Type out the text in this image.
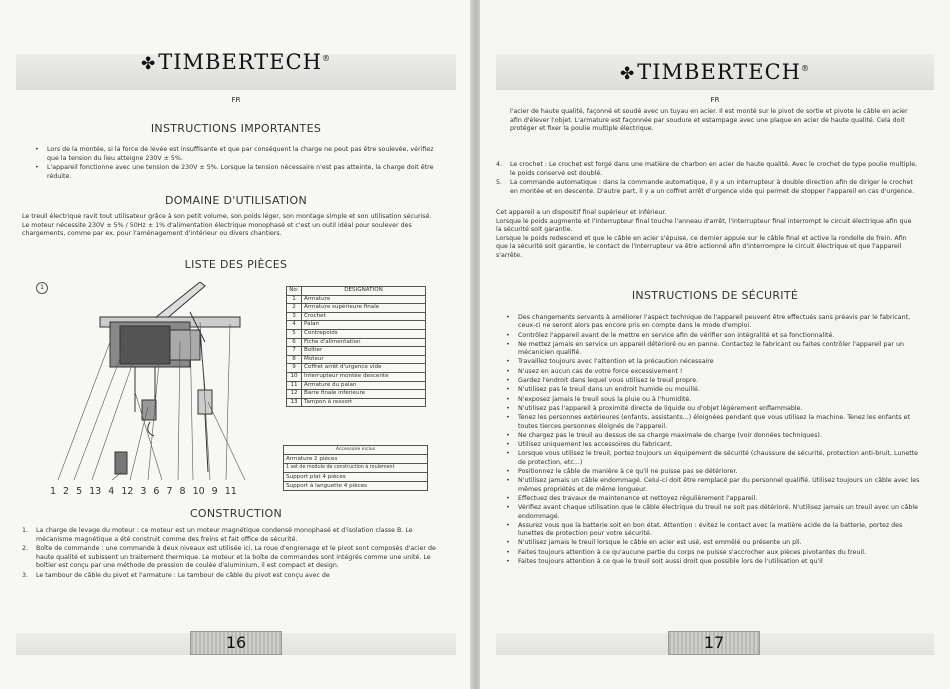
✤TIMBERTECH®
FR
INSTRUCTIONS IMPORTANTES
• Lors de la montée, si la force de levée est insuffisante et que par conséquent la charge ne peut pas être soulevée, vérifiez que la tension du lieu atteigne 230V ± 5%.
• L'appareil fonctionne avec une tension de 230V ± 5%. Lorsque la tension nécessaire n'est pas atteinte, la charge doit être réduite.
DOMAINE D'UTILISATION

Le treuil électrique ravit tout utilisateur grâce à son petit volume, son poids léger, son montage simple et son utilisation sécurisé. Le moteur nécessite 230V ± 5% / 50Hz ± 1% d'alimentation électrique monophasé et c'est un outil idéal pour soulever des chargements, comme par ex. pour l'aménagement d'intérieur ou divers chantiers.

LISTE DES PIÈCES
1	No:	DÉSIGNATION
1	Armature
2	Armature supérieure finale
3	Crochet
4	Palan
5	Contrepoids
6	Fiche d'alimentation
7	Boîtier
8	Moteur
9	Coffret arrêt d'urgence vide
10	Interrupteur montée descente
11	Armature du palan
12	Barre finale inférieure
13	Tampon à ressort
Accessoire inclus
Armature 2 pièces
1 set de module de construction à roulement
Support plat 4 pièces
Support à languette 4 pièces
1 2 5 13 4 12 3 6 7 8 10 9 11
CONSTRUCTION
1. La charge de levage du moteur : ce moteur est un moteur magnétique condensé monophasé et d'isolation classe B. Le mécanisme magnétique a été construit comme des freins et fait office de sécurité.
2. Boîte de commande : une commande à deux niveaux est utilisée ici. La roue d'engrenage et le pivot sont composés d'acier de haute qualité et subissent un traitement thermique. Le moteur et la boîte de commandes sont intégrés comme une unité. Le boîtier est conçu par une méthode de pression de coulée d'aluminium, il est compact et design.
3. Le tambour de câble du pivot et l'armature : Le tambour de câble du pivot est conçu avec de
16
✤TIMBERTECH®
FR

l'acier de haute qualité, façonné et soudé avec un tuyau en acier. Il est monté sur le pivot de sortie et pivote le câble en acier afin d'élever l'objet. L'armature est façonnée par soudure et estampage avec une plaque en acier de haute qualité. Cela doit protéger et fixer la poulie multiple électrique.

4. Le crochet : Le crochet est forgé dans une matière de charbon en acier de haute qualité. Avec le crochet de type poulie multiple, le poids conservé est doublé.
5. La commande automatique : dans la commande automatique, il y a un interrupteur à double direction afin de diriger le crochet en montée et en descente. D'autre part, il y a un coffret arrêt d'urgence vide qui permet de stopper l'appareil en cas d'urgence.
Cet appareil a un dispositif final supérieur et inférieur.
Lorsque le poids augmente et l'interrupteur final touche l'anneau d'arrêt, l'interrupteur final interrompt le circuit électrique afin que la sécurité soit garantie.
Lorsque le poids redescend et que le câble en acier s'épuise, ce dernier appuie sur le câble final et active la rondelle de frein. Afin que la sécurité soit garantie, le contact de l'interrupteur va être actionné afin d'interrompre le circuit électrique et que l'appareil s'arrête.
INSTRUCTIONS DE SÉCURITÉ
• Des changements servants à améliorer l'aspect technique de l'appareil peuvent être effectués sans préavis par le fabricant, ceux-ci ne seront alors pas encore pris en compte dans le mode d'emploi.
• Contrôlez l'appareil avant de le mettre en service afin de vérifier son intégralité et sa fonctionnalité.
• Ne mettez jamais en service un appareil détérioré ou en panne. Contactez le fabricant ou faites contrôler l'appareil par un mécanicien qualifié.
• Travaillez toujours avec l'attention et la précaution nécessaire
• N'usez en aucun cas de votre force excessivement !
• Gardez l'endroit dans lequel vous utilisez le treuil propre.
• N'utilisez pas le treuil dans un endroit humide ou mouillé.
• N'exposez jamais le treuil sous la pluie ou à l'humidité.
• N'utilisez pas l'appareil à proximité directe de liquide ou d'objet légèrement enflammable.
• Tenez les personnes extérieures (enfants, assistants...) éloignées pendant que vous utilisez la machine. Tenez les enfants et toutes tierces personnes éloignés de l'appareil.
• Ne chargez pas le treuil au dessus de sa charge maximale de charge (voir données techniques).
• Utilisez uniquement les accessoires du fabricant.
• Lorsque vous utilisez le treuil, portez toujours un équipement de sécurité (chaussure de sécurité, protection anti-bruit, Lunette de protection, etc...)
• Positionnez le câble de manière à ce qu'il ne puisse pas se détériorer.
• N'utilisez jamais un câble endommagé. Celui-ci doit être remplacé par du personnel qualifié. Utilisez toujours un câble avec les mêmes propriétés et de même longueur.
• Effectuez des travaux de maintenance et nettoyez régulièrement l'appareil.
• Vérifiez avant chaque utilisation que le câble électrique du treuil ne soit pas détérioré. N'utilisez jamais un treuil avec un câble endommagé.
• Assurez vous que la batterie soit en bon état. Attention : évitez le contact avec la matière acide de la batterie, portez des lunettes de protection pour votre sécurité.
• N'utilisez jamais le treuil lorsque le câble en acier est usé, est emmêlé ou présente un pli.
• Faites toujours attention à ce qu'aucune partie du corps ne puisse s'accrocher aux pièces pivotantes du treuil.
• Faites toujours attention à ce que le treuil soit aussi droit que possible lors de l'utilisation et qu'il
17
